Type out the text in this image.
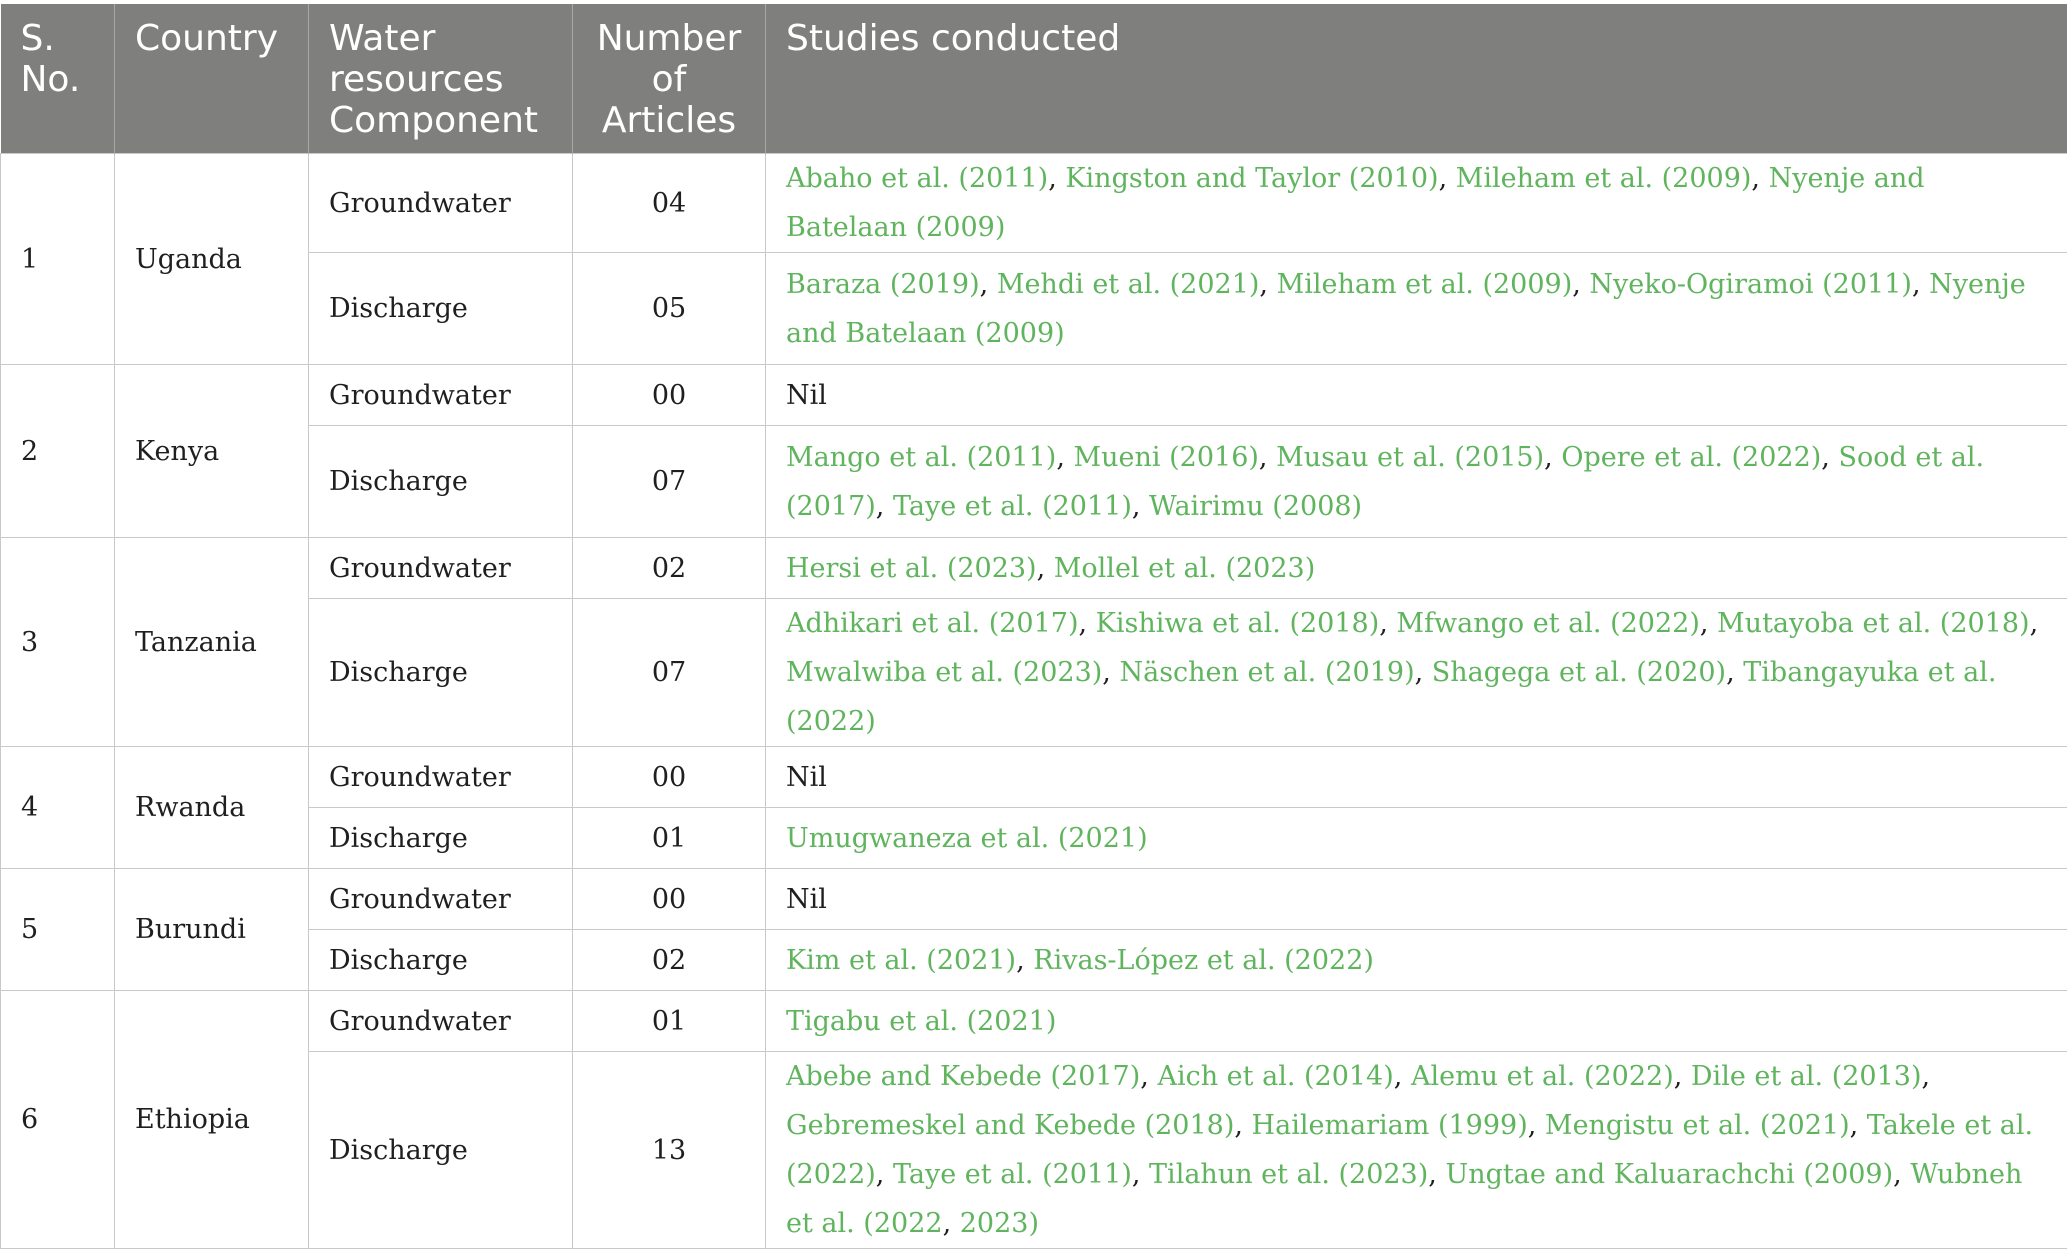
S. No.	Country	Water resources Component	Number of Articles	Studies conducted
1	Uganda	Groundwater	04	Abaho et al. (2011), Kingston and Taylor (2010), Mileham et al. (2009), Nyenje and Batelaan (2009)
		Discharge	05	Baraza (2019), Mehdi et al. (2021), Mileham et al. (2009), Nyeko-Ogiramoi (2011), Nyenje and Batelaan (2009)
2	Kenya	Groundwater	00	Nil
		Discharge	07	Mango et al. (2011), Mueni (2016), Musau et al. (2015), Opere et al. (2022), Sood et al. (2017), Taye et al. (2011), Wairimu (2008)
3	Tanzania	Groundwater	02	Hersi et al. (2023), Mollel et al. (2023)
		Discharge	07	Adhikari et al. (2017), Kishiwa et al. (2018), Mfwango et al. (2022), Mutayoba et al. (2018), Mwalwiba et al. (2023), Näschen et al. (2019), Shagega et al. (2020), Tibangayuka et al. (2022)
4	Rwanda	Groundwater	00	Nil
		Discharge	01	Umugwaneza et al. (2021)
5	Burundi	Groundwater	00	Nil
		Discharge	02	Kim et al. (2021), Rivas-López et al. (2022)
6	Ethiopia	Groundwater	01	Tigabu et al. (2021)
		Discharge	13	Abebe and Kebede (2017), Aich et al. (2014), Alemu et al. (2022), Dile et al. (2013), Gebremeskel and Kebede (2018), Hailemariam (1999), Mengistu et al. (2021), Takele et al. (2022), Taye et al. (2011), Tilahun et al. (2023), Ungtae and Kaluarachchi (2009), Wubneh et al. (2022, 2023)
